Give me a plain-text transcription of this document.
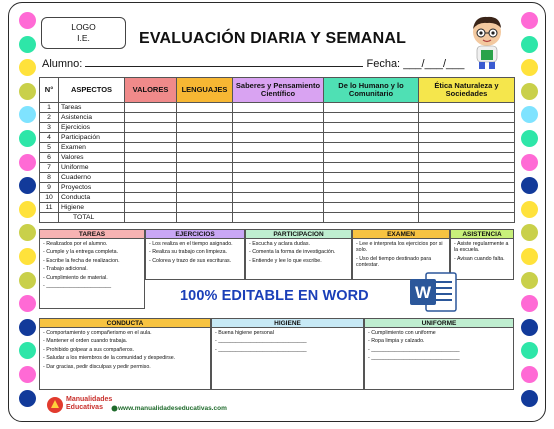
LOGO
I.E.	EVALUACIÓN DIARIA Y SEMANAL
Alumno:	Fecha: ___/___/___
N°	ASPECTOS	VALORES	LENGUAJES	Saberes y Pensamiento Científico	De lo Humano y lo Comunitario	Ética Naturaleza y Sociedades
1	Tareas					
2	Asistencia					
3	Ejercicios					
4	Participación					
5	Examen					
6	Valores					
7	Uniforme					
8	Cuaderno					
9	Proyectos					
10	Conducta					
11	Higiene					
	TOTAL					
TAREAS
- Realizados por el alumno.
- Cumple y la entrega completa.
- Escribe la fecha de realizacion.
- Trabajo adicional.
- Cumplimiento de material.
- ______________________
EJERCICIOS
- Los realiza en el tiempo asignado.
- Realiza su trabajo con limpieza.
- Colorea y trazo de sus escrituras.
PARTICIPACION
- Escucha y aclara dudas.
- Comenta la forma de investigación.
- Entiende y lee lo que escribe.
EXAMEN
- Lee e interpreta los ejercicios por si solo.
- Uso del tiempo destinado para contestar.
ASISTENCIA
- Asiste regularmente a la escuela.
- Avisan cuando falta.
100% EDITABLE EN WORD	W
CONDUCTA
- Comportamiento y compañerismo en el aula.
- Mantener el orden cuando trabaja.
- Prohibido golpear a sus compañeros.
- Saludar a los miembros de la comunidad y despedirse.
- Dar gracias, pedir disculpas y pedir permiso.
HIGIENE
- Buena higiene personal
- ______________________________
- ______________________________
UNIFORME
- Cumplimiento con uniforme
- Ropa limpia y calzado.
- ______________________________
- ______________________________
Manualidades
Educativas	www.manualidadeseducativas.com
